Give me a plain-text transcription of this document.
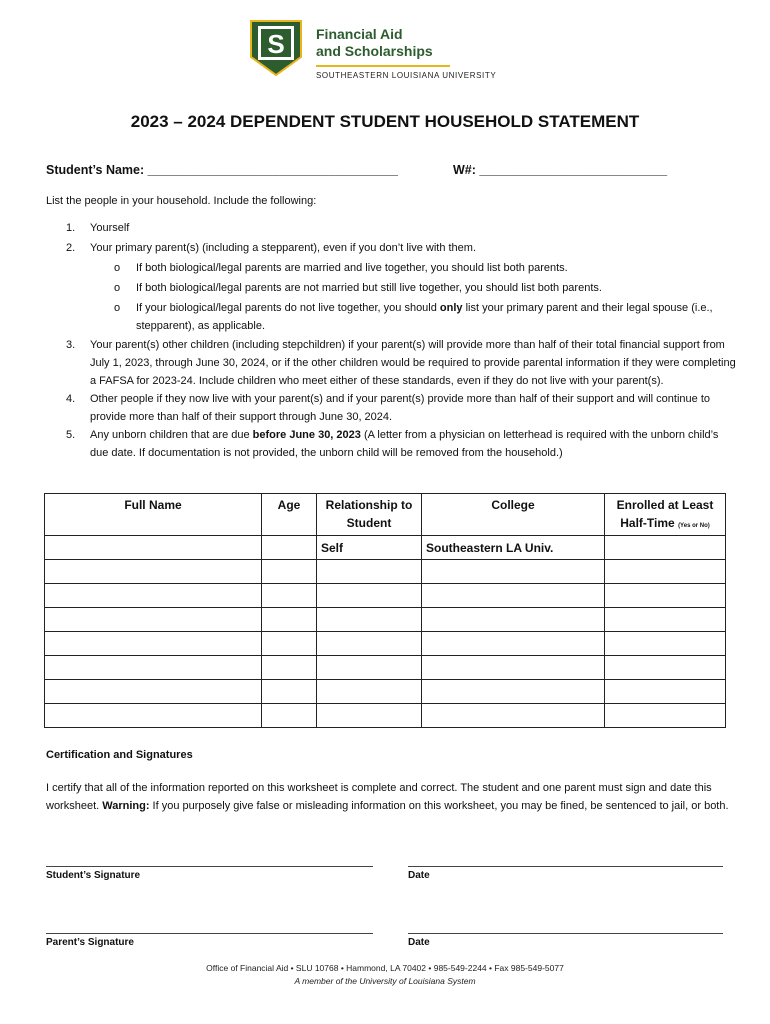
S Financial Aid
and Scholarships
SOUTHEASTERN LOUISIANA UNIVERSITY
2023 – 2024 DEPENDENT STUDENT HOUSEHOLD STATEMENT
Student’s Name: ____________________________________	W#: ___________________________
List the people in your household. Include the following:
1.	Yourself
2.	Your primary parent(s) (including a stepparent), even if you don’t live with them.
o If both biological/legal parents are married and live together, you should list both parents.
o If both biological/legal parents are not married but still live together, you should list both parents.
o If your biological/legal parents do not live together, you should only list your primary parent and their legal spouse (i.e., stepparent), as applicable.
3.	Your parent(s) other children (including stepchildren) if your parent(s) will provide more than half of their total financial support from July 1, 2023, through June 30, 2024, or if the other children would be required to provide parental information if they were completing a FAFSA for 2023-24. Include children who meet either of these standards, even if they do not live with your parent(s).
4.	Other people if they now live with your parent(s) and if your parent(s) provide more than half of their support and will continue to provide more than half of their support through June 30, 2024.
5.	Any unborn children that are due before June 30, 2023 (A letter from a physician on letterhead is required with the unborn child’s due date. If documentation is not provided, the unborn child will be removed from the household.)
Full Name	Age	Relationship to Student	College	Enrolled at Least Half-Time (Yes or No)
		Self	Southeastern LA Univ.	

Certification and Signatures
I certify that all of the information reported on this worksheet is complete and correct. The student and one parent must sign and date this worksheet. Warning: If you purposely give false or misleading information on this worksheet, you may be fined, be sentenced to jail, or both.
Student’s Signature	Date
Parent’s Signature	Date
Office of Financial Aid • SLU 10768 • Hammond, LA 70402 • 985-549-2244 • Fax 985-549-5077
A member of the University of Louisiana System
